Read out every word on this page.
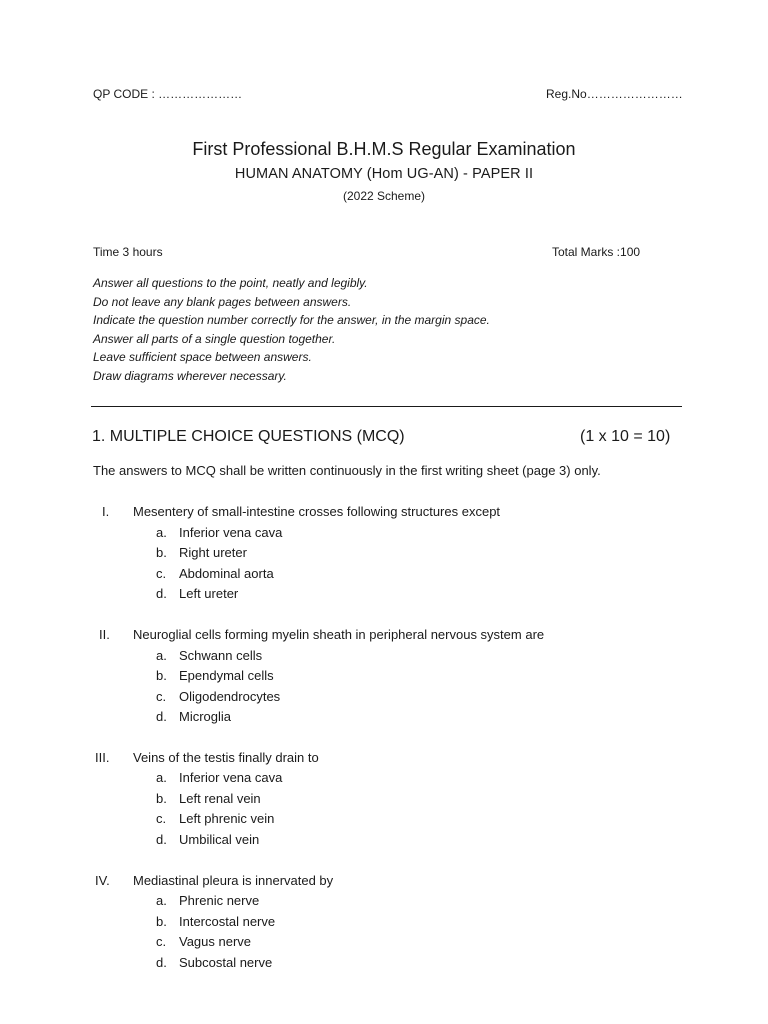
QP CODE : …………………	Reg.No……………………
First Professional B.H.M.S Regular Examination
HUMAN ANATOMY (Hom UG-AN) - PAPER II
(2022 Scheme)
Time 3 hours	Total Marks :100
Answer all questions to the point, neatly and legibly.
Do not leave any blank pages between answers.
Indicate the question number correctly for the answer, in the margin space.
Answer all parts of a single question together.
Leave sufficient space between answers.
Draw diagrams wherever necessary.
1. MULTIPLE CHOICE QUESTIONS (MCQ)	(1 x 10 = 10)
The answers to MCQ shall be written continuously in the first writing sheet (page 3) only.
I. Mesentery of small-intestine crosses following structures except
a. Inferior vena cava
b. Right ureter
c. Abdominal aorta
d. Left ureter
II. Neuroglial cells forming myelin sheath in peripheral nervous system are
a. Schwann cells
b. Ependymal cells
c. Oligodendrocytes
d. Microglia
III. Veins of the testis finally drain to
a. Inferior vena cava
b. Left renal vein
c. Left phrenic vein
d. Umbilical vein
IV. Mediastinal pleura is innervated by
a. Phrenic nerve
b. Intercostal nerve
c. Vagus nerve
d. Subcostal nerve
